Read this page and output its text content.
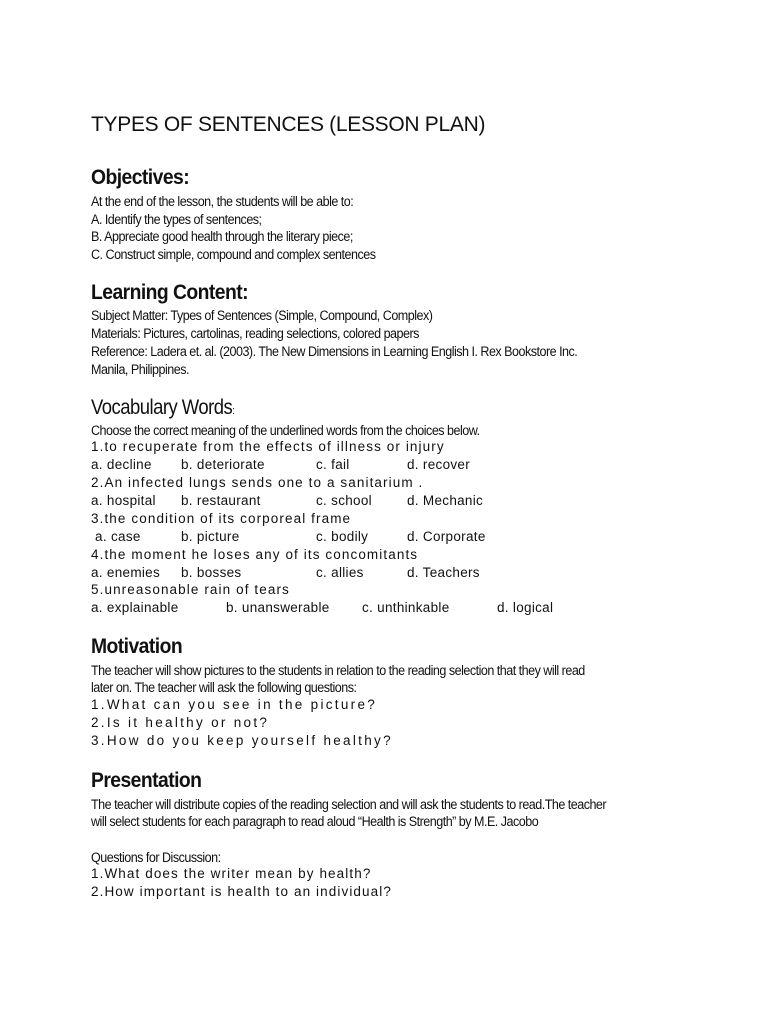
TYPES OF SENTENCES (LESSON PLAN)
Objectives:
At the end of the lesson, the students will be able to:
A. Identify the types of sentences;
B. Appreciate good health through the literary piece;
C. Construct simple, compound and complex sentences
Learning Content:
Subject Matter: Types of Sentences (Simple, Compound, Complex)
Materials: Pictures, cartolinas, reading selections, colored papers
Reference: Ladera et. al. (2003). The New Dimensions in Learning English I. Rex Bookstore Inc.
Manila, Philippines.
Vocabulary Words:
Choose the correct meaning of the underlined words from the choices below.
1.to recuperate from the effects of illness or injury
a. decline b. deteriorate	c. fail	d. recover
2.An infected lungs sends one to a sanitarium .
a. hospital b. restaurant	c. school	d. Mechanic
3.the condition of its corporeal frame
a. case	b. picture	c. bodily	d. Corporate
4.the moment he loses any of its concomitants
a. enemies b. bosses	c. allies	d. Teachers
5.unreasonable rain of tears
a. explainable	b. unanswerable c. unthinkable	d. logical
Motivation
The teacher will show pictures to the students in relation to the reading selection that they will read
later on. The teacher will ask the following questions:
1.What can you see in the picture?
2.Is it healthy or not?
3.How do you keep yourself healthy?
Presentation
The teacher will distribute copies of the reading selection and will ask the students to read.The teacher
will select students for each paragraph to read aloud “Health is Strength” by M.E. Jacobo
Questions for Discussion:
1.What does the writer mean by health?
2.How important is health to an individual?
